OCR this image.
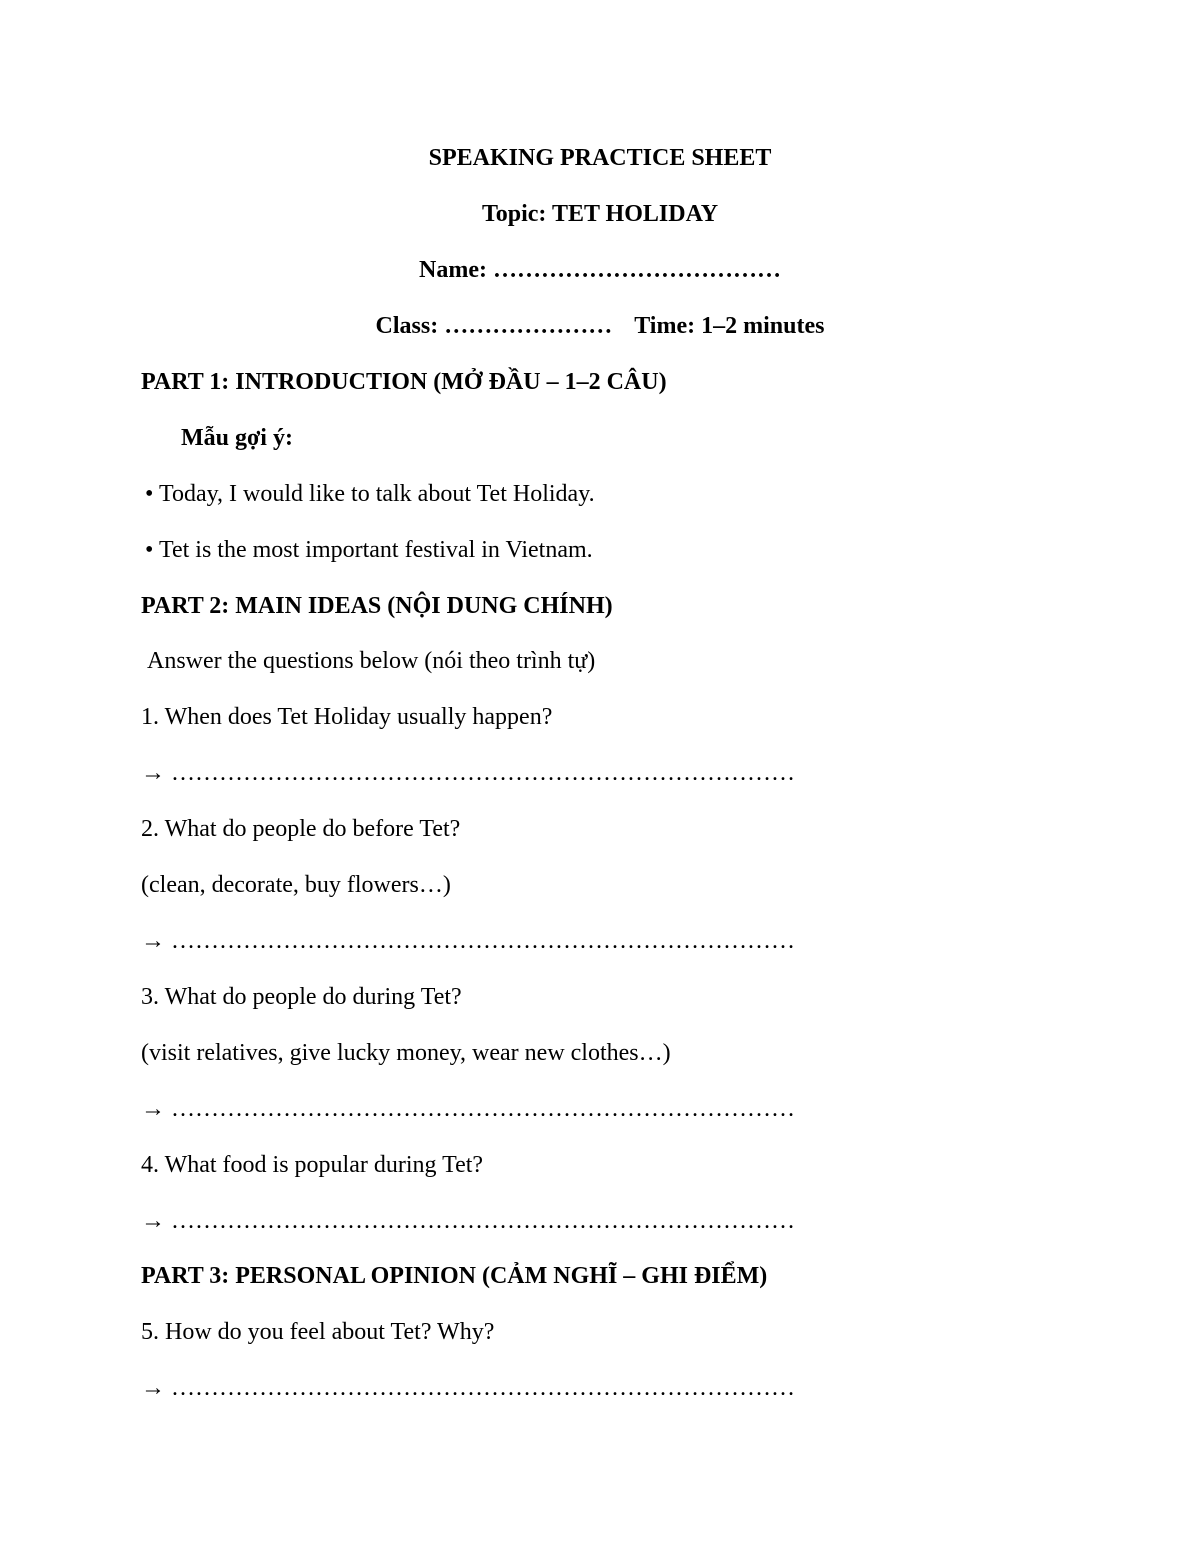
SPEAKING PRACTICE SHEET
Topic: TET HOLIDAY
Name: ………………………………
Class: ………………… Time: 1–2 minutes
PART 1: INTRODUCTION (MỞ ĐẦU – 1–2 CÂU)
Mẫu gợi ý:
• Today, I would like to talk about Tet Holiday.
• Tet is the most important festival in Vietnam.
PART 2: MAIN IDEAS (NỘI DUNG CHÍNH)
Answer the questions below (nói theo trình tự)
1. When does Tet Holiday usually happen?
→ ……………………………………………………………………
2. What do people do before Tet?
(clean, decorate, buy flowers…)
→ ……………………………………………………………………
3. What do people do during Tet?
(visit relatives, give lucky money, wear new clothes…)
→ ……………………………………………………………………
4. What food is popular during Tet?
→ ……………………………………………………………………
PART 3: PERSONAL OPINION (CẢM NGHĨ – GHI ĐIỂM)
5. How do you feel about Tet? Why?
→ ……………………………………………………………………
